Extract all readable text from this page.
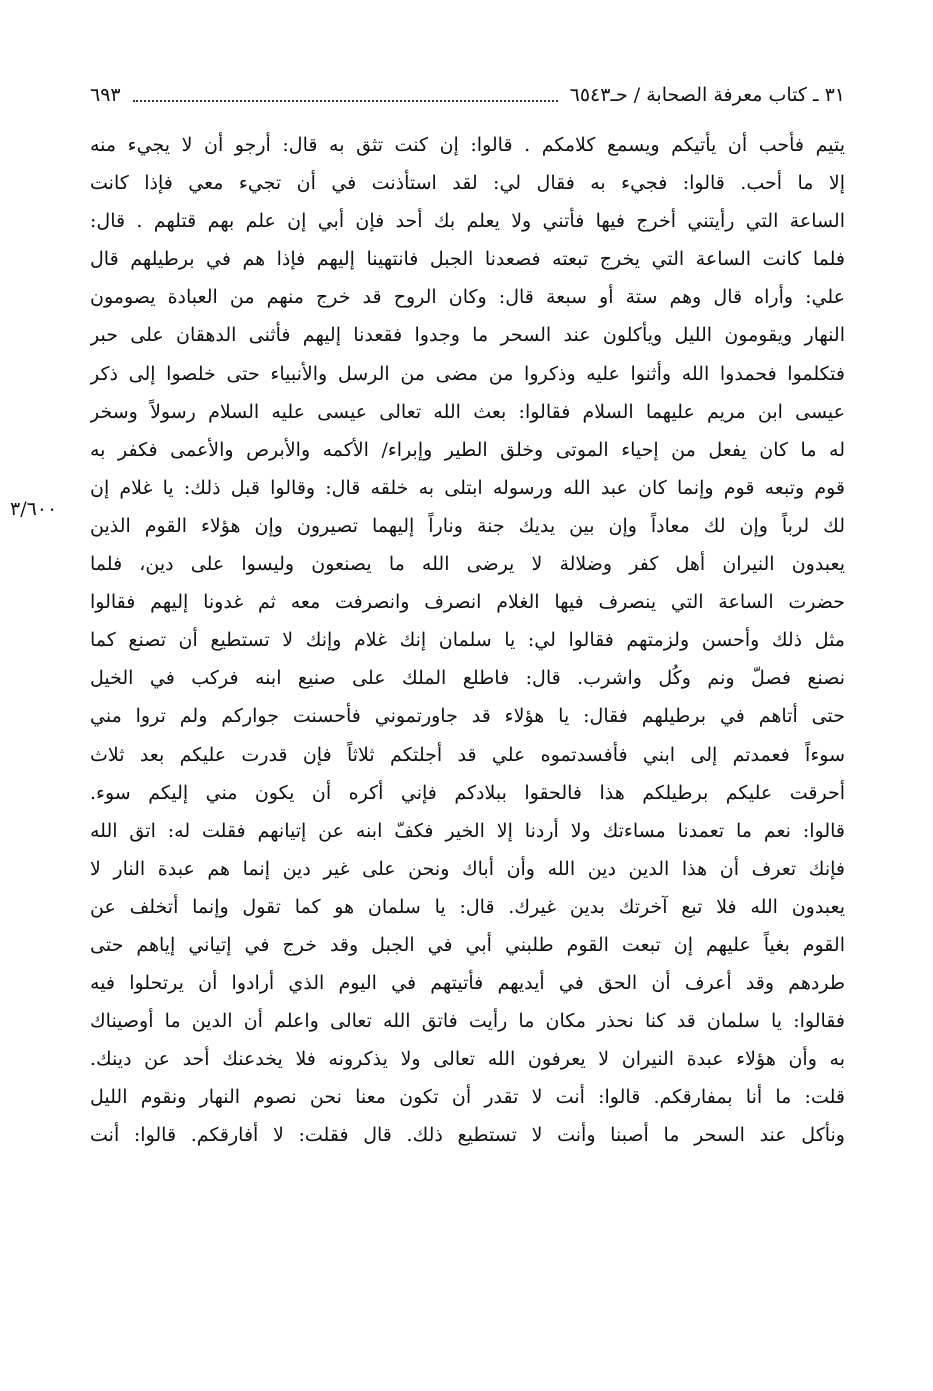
٣١ ـ كتاب معرفة الصحابة / حـ٦٥٤٣
٦٩٣
٣/٦٠٠
يتيم فأحب أن يأتيكم ويسمع كلامكم . قالوا: إن كنت تثق به قال: أرجو أن لا يجيء منه
إلا ما أحب. قالوا: فجيء به فقال لي: لقد استأذنت في أن تجيء معي فإذا كانت
الساعة التي رأيتني أخرج فيها فأتني ولا يعلم بك أحد فإن أبي إن علم بهم قتلهم . قال:
فلما كانت الساعة التي يخرج تبعته فصعدنا الجبل فانتهينا إليهم فإذا هم في برطيلهم قال
علي: وأراه قال وهم ستة أو سبعة قال: وكان الروح قد خرج منهم من العبادة يصومون
النهار ويقومون الليل ويأكلون عند السحر ما وجدوا فقعدنا إليهم فأثنى الدهقان على حبر
فتكلموا فحمدوا الله وأثنوا عليه وذكروا من مضى من الرسل والأنبياء حتى خلصوا إلى ذكر
عيسى ابن مريم عليهما السلام فقالوا: بعث الله تعالى عيسى عليه السلام رسولاً وسخر
له ما كان يفعل من إحياء الموتى وخلق الطير وإبراء/ الأكمه والأبرص والأعمى فكفر به
قوم وتبعه قوم وإنما كان عبد الله ورسوله ابتلى به خلقه قال: وقالوا قبل ذلك: يا غلام إن
لك لرباً وإن لك معاداً وإن بين يديك جنة وناراً إليهما تصيرون وإن هؤلاء القوم الذين
يعبدون النيران أهل كفر وضلالة لا يرضى الله ما يصنعون وليسوا على دين، فلما
حضرت الساعة التي ينصرف فيها الغلام انصرف وانصرفت معه ثم غدونا إليهم فقالوا
مثل ذلك وأحسن ولزمتهم فقالوا لي: يا سلمان إنك غلام وإنك لا تستطيع أن تصنع كما
نصنع فصلّ ونم وكُل واشرب. قال: فاطلع الملك على صنيع ابنه فركب في الخيل
حتى أتاهم في برطيلهم فقال: يا هؤلاء قد جاورتموني فأحسنت جواركم ولم تروا مني
سوءاً فعمدتم إلى ابني فأفسدتموه علي قد أجلتكم ثلاثاً فإن قدرت عليكم بعد ثلاث
أحرقت عليكم برطيلكم هذا فالحقوا ببلادكم فإني أكره أن يكون مني إليكم سوء.
قالوا: نعم ما تعمدنا مساءتك ولا أردنا إلا الخير فكفّ ابنه عن إتيانهم فقلت له: اتق الله
فإنك تعرف أن هذا الدين دين الله وأن أباك ونحن على غير دين إنما هم عبدة النار لا
يعبدون الله فلا تبع آخرتك بدين غيرك. قال: يا سلمان هو كما تقول وإنما أتخلف عن
القوم بغياً عليهم إن تبعت القوم طلبني أبي في الجبل وقد خرج في إتياني إياهم حتى
طردهم وقد أعرف أن الحق في أيديهم فأتيتهم في اليوم الذي أرادوا أن يرتحلوا فيه
فقالوا: يا سلمان قد كنا نحذر مكان ما رأيت فاتق الله تعالى واعلم أن الدين ما أوصيناك
به وأن هؤلاء عبدة النيران لا يعرفون الله تعالى ولا يذكرونه فلا يخدعنك أحد عن دينك.
قلت: ما أنا بمفارقكم. قالوا: أنت لا تقدر أن تكون معنا نحن نصوم النهار ونقوم الليل
ونأكل عند السحر ما أصبنا وأنت لا تستطيع ذلك. قال فقلت: لا أفارقكم. قالوا: أنت
